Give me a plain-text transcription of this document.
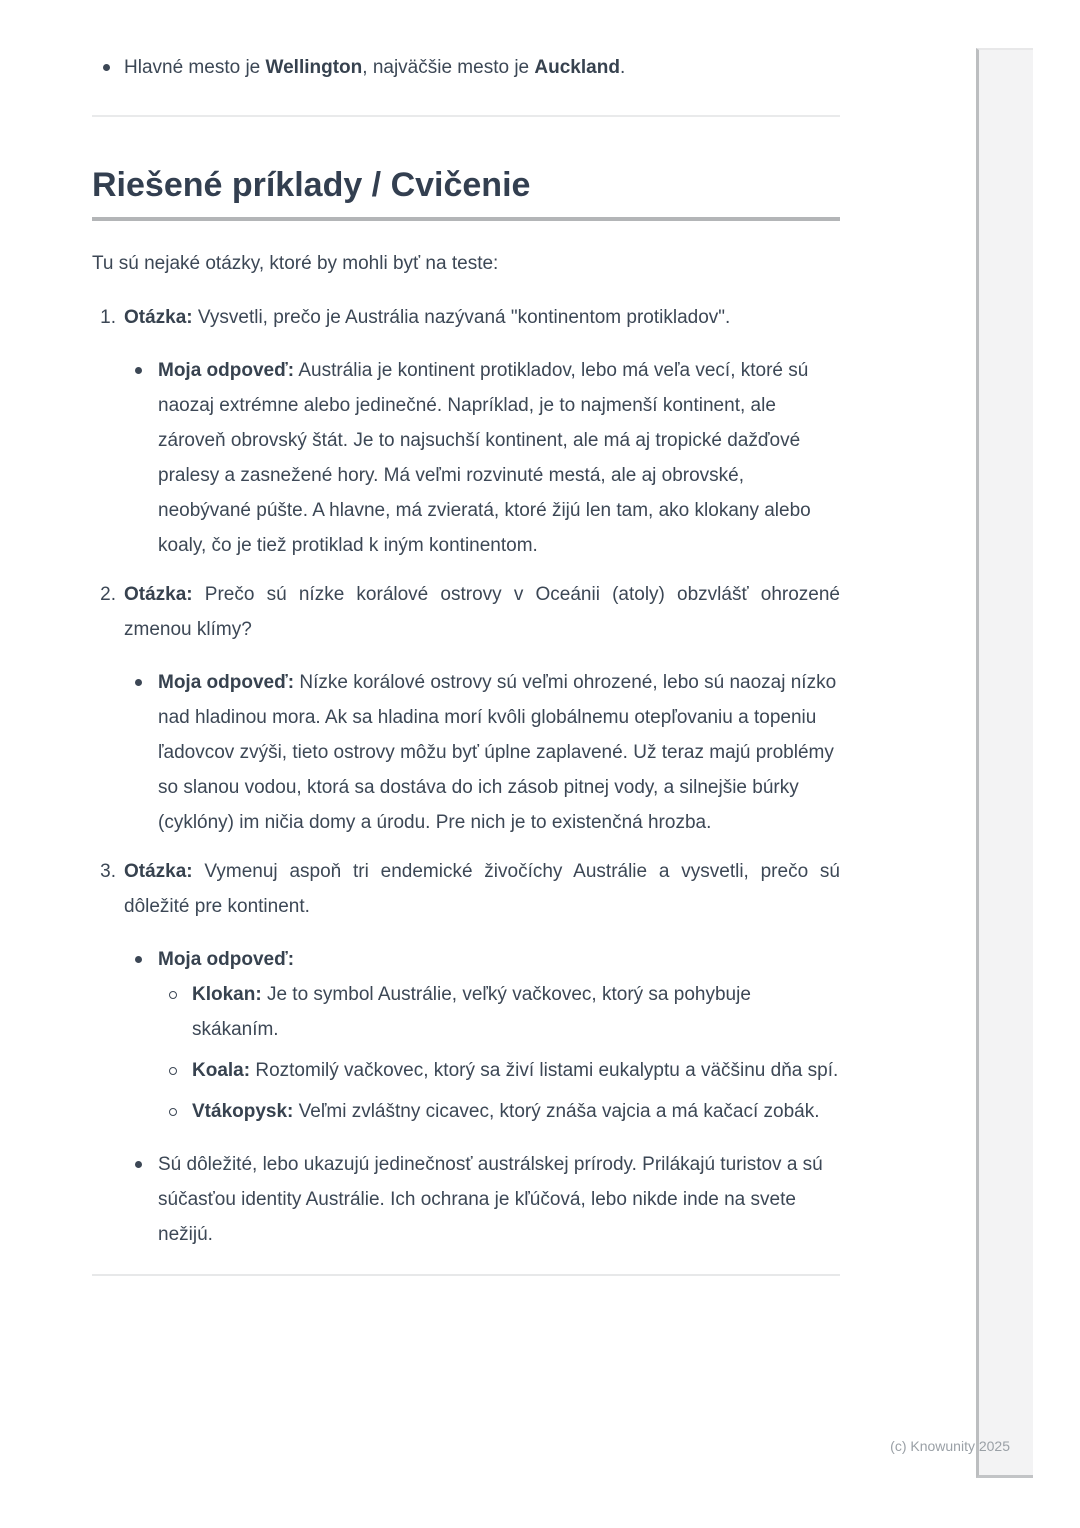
Hlavné mesto je Wellington, najväčšie mesto je Auckland.
Riešené príklady / Cvičenie

Tu sú nejaké otázky, ktoré by mohli byť na teste:

1. Otázka: Vysvetli, prečo je Austrália nazývaná "kontinentom protikladov".
Moja odpoveď: Austrália je kontinent protikladov, lebo má veľa vecí, ktoré sú naozaj extrémne alebo jedinečné. Napríklad, je to najmenší kontinent, ale zároveň obrovský štát. Je to najsuchší kontinent, ale má aj tropické dažďové pralesy a zasnežené hory. Má veľmi rozvinuté mestá, ale aj obrovské, neobývané púšte. A hlavne, má zvieratá, ktoré žijú len tam, ako klokany alebo koaly, čo je tiež protiklad k iným kontinentom.
2. Otázka: Prečo sú nízke korálové ostrovy v Oceánii (atoly) obzvlášť ohrozené zmenou klímy?
Moja odpoveď: Nízke korálové ostrovy sú veľmi ohrozené, lebo sú naozaj nízko nad hladinou mora. Ak sa hladina morí kvôli globálnemu otepľovaniu a topeniu ľadovcov zvýši, tieto ostrovy môžu byť úplne zaplavené. Už teraz majú problémy so slanou vodou, ktorá sa dostáva do ich zásob pitnej vody, a silnejšie búrky (cyklóny) im ničia domy a úrodu. Pre nich je to existenčná hrozba.
3. Otázka: Vymenuj aspoň tri endemické živočíchy Austrálie a vysvetli, prečo sú dôležité pre kontinent.
Moja odpoveď:
Klokan: Je to symbol Austrálie, veľký vačkovec, ktorý sa pohybuje skákaním.
Koala: Roztomilý vačkovec, ktorý sa živí listami eukalyptu a väčšinu dňa spí.
Vtákopysk: Veľmi zvláštny cicavec, ktorý znáša vajcia a má kačací zobák.
Sú dôležité, lebo ukazujú jedinečnosť austrálskej prírody. Prilákajú turistov a sú súčasťou identity Austrálie. Ich ochrana je kľúčová, lebo nikde inde na svete nežijú.
(c) Knowunity 2025
